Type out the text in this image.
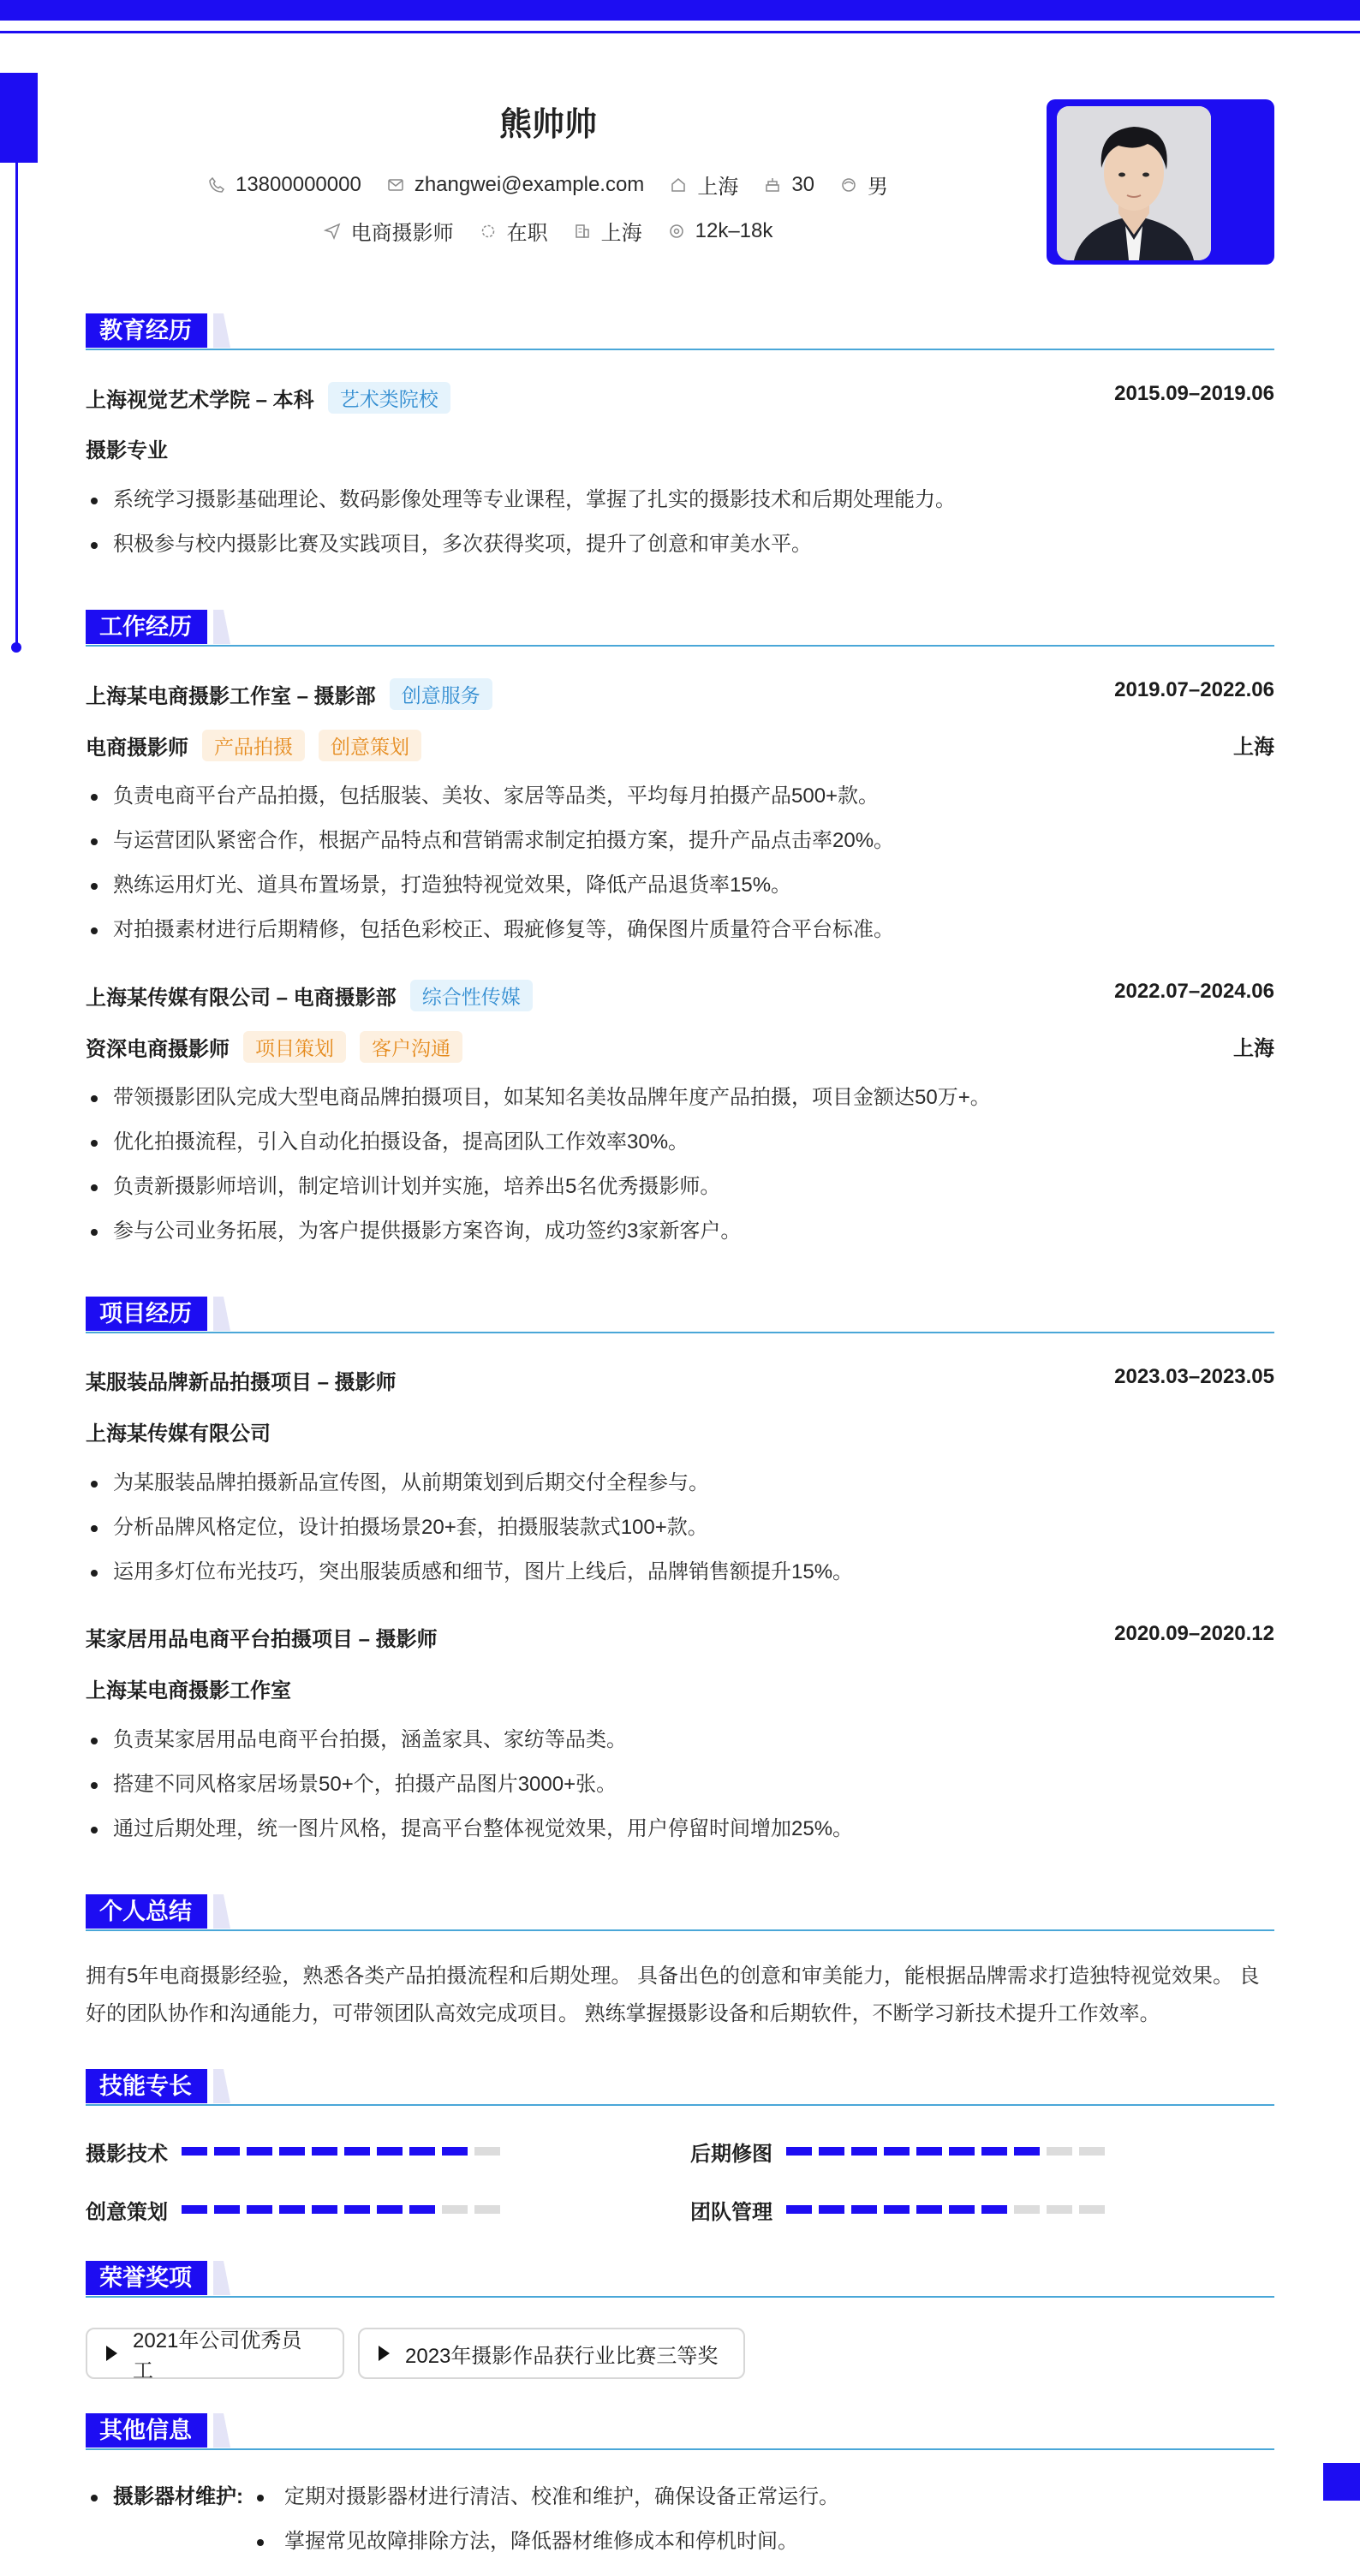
熊帅帅
13800000000	zhangwei@example.com	上海	30	男
电商摄影师	在职	上海	12k–18k
教育经历
上海视觉艺术学院 – 本科	艺术类院校	2015.09–2019.06
摄影专业
系统学习摄影基础理论、数码影像处理等专业课程，掌握了扎实的摄影技术和后期处理能力。
积极参与校内摄影比赛及实践项目，多次获得奖项，提升了创意和审美水平。
工作经历
上海某电商摄影工作室 – 摄影部	创意服务	2019.07–2022.06
电商摄影师	产品拍摄	创意策划	上海
负责电商平台产品拍摄，包括服装、美妆、家居等品类，平均每月拍摄产品500+款。
与运营团队紧密合作，根据产品特点和营销需求制定拍摄方案，提升产品点击率20%。
熟练运用灯光、道具布置场景，打造独特视觉效果，降低产品退货率15%。
对拍摄素材进行后期精修，包括色彩校正、瑕疵修复等，确保图片质量符合平台标准。
上海某传媒有限公司 – 电商摄影部	综合性传媒	2022.07–2024.06
资深电商摄影师	项目策划	客户沟通	上海
带领摄影团队完成大型电商品牌拍摄项目，如某知名美妆品牌年度产品拍摄，项目金额达50万+。
优化拍摄流程，引入自动化拍摄设备，提高团队工作效率30%。
负责新摄影师培训，制定培训计划并实施，培养出5名优秀摄影师。
参与公司业务拓展，为客户提供摄影方案咨询，成功签约3家新客户。
项目经历
某服装品牌新品拍摄项目 – 摄影师	2023.03–2023.05
上海某传媒有限公司
为某服装品牌拍摄新品宣传图，从前期策划到后期交付全程参与。
分析品牌风格定位，设计拍摄场景20+套，拍摄服装款式100+款。
运用多灯位布光技巧，突出服装质感和细节，图片上线后，品牌销售额提升15%。
某家居用品电商平台拍摄项目 – 摄影师	2020.09–2020.12
上海某电商摄影工作室
负责某家居用品电商平台拍摄，涵盖家具、家纺等品类。
搭建不同风格家居场景50+个，拍摄产品图片3000+张。
通过后期处理，统一图片风格，提高平台整体视觉效果，用户停留时间增加25%。
个人总结
拥有5年电商摄影经验，熟悉各类产品拍摄流程和后期处理。 具备出色的创意和审美能力，能根据品牌需求打造独特视觉效果。 良
好的团队协作和沟通能力，可带领团队高效完成项目。 熟练掌握摄影设备和后期软件，不断学习新技术提升工作效率。
技能专长
摄影技术	后期修图
创意策划	团队管理
荣誉奖项
2021年公司优秀员工
2023年摄影作品获行业比赛三等奖
其他信息
摄影器材维护: 定期对摄影器材进行清洁、校准和维护，确保设备正常运行。
掌握常见故障排除方法，降低器材维修成本和停机时间。
